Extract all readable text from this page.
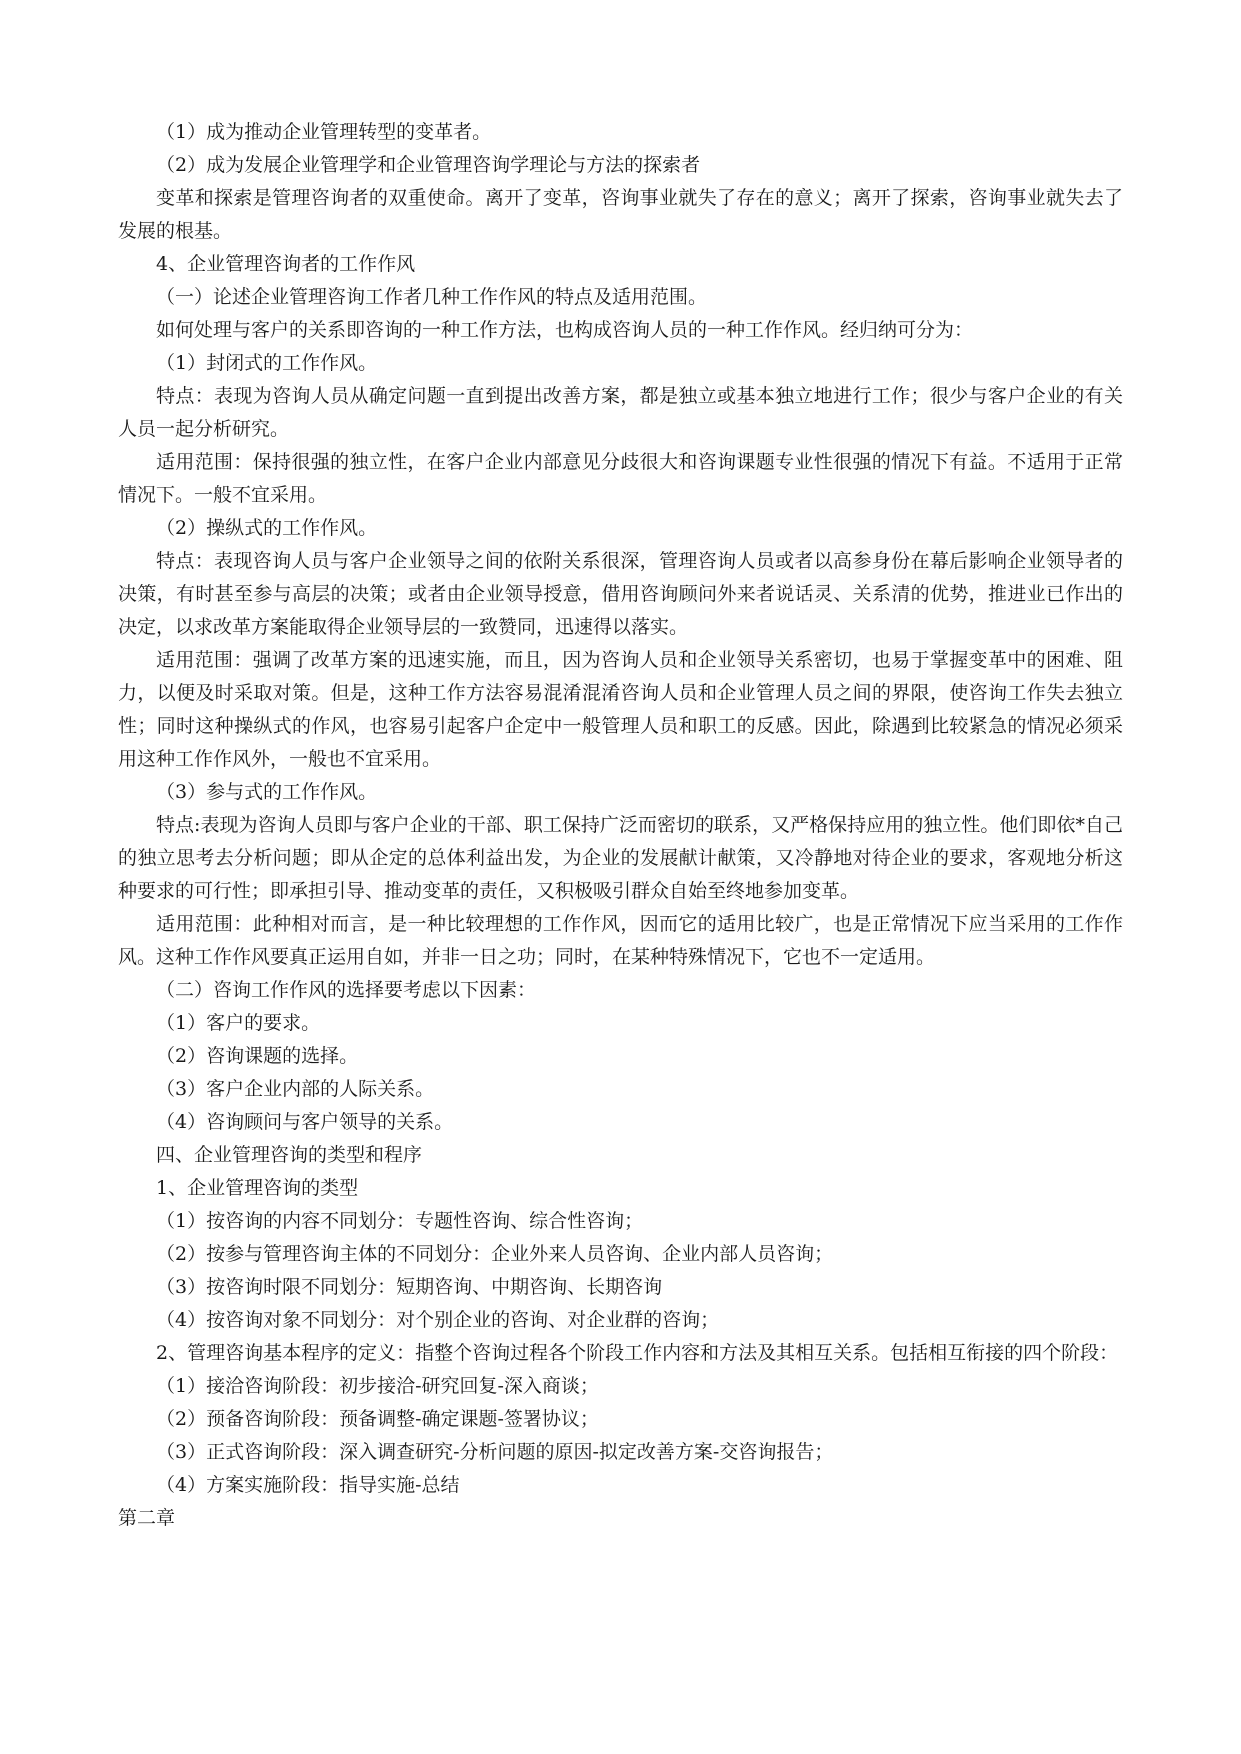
（1）成为推动企业管理转型的变革者。

（2）成为发展企业管理学和企业管理咨询学理论与方法的探索者

变革和探索是管理咨询者的双重使命。离开了变革，咨询事业就失了存在的意义；离开了探索，咨询事业就失去了发展的根基。

4、企业管理咨询者的工作作风

（一）论述企业管理咨询工作者几种工作作风的特点及适用范围。

如何处理与客户的关系即咨询的一种工作方法，也构成咨询人员的一种工作作风。经归纳可分为：

（1）封闭式的工作作风。

特点：表现为咨询人员从确定问题一直到提出改善方案，都是独立或基本独立地进行工作；很少与客户企业的有关人员一起分析研究。

适用范围：保持很强的独立性，在客户企业内部意见分歧很大和咨询课题专业性很强的情况下有益。不适用于正常情况下。一般不宜采用。

（2）操纵式的工作作风。

特点：表现咨询人员与客户企业领导之间的依附关系很深，管理咨询人员或者以高参身份在幕后影响企业领导者的决策，有时甚至参与高层的决策；或者由企业领导授意，借用咨询顾问外来者说话灵、关系清的优势，推进业已作出的决定，以求改革方案能取得企业领导层的一致赞同，迅速得以落实。

适用范围：强调了改革方案的迅速实施，而且，因为咨询人员和企业领导关系密切，也易于掌握变革中的困难、阻力，以便及时采取对策。但是，这种工作方法容易混淆混淆咨询人员和企业管理人员之间的界限，使咨询工作失去独立性；同时这种操纵式的作风，也容易引起客户企定中一般管理人员和职工的反感。因此，除遇到比较紧急的情况必须采用这种工作作风外，一般也不宜采用。

（3）参与式的工作作风。

特点:表现为咨询人员即与客户企业的干部、职工保持广泛而密切的联系，又严格保持应用的独立性。他们即依*自己的独立思考去分析问题；即从企定的总体利益出发，为企业的发展献计献策，又冷静地对待企业的要求，客观地分析这种要求的可行性；即承担引导、推动变革的责任，又积极吸引群众自始至终地参加变革。

适用范围：此种相对而言，是一种比较理想的工作作风，因而它的适用比较广，也是正常情况下应当采用的工作作风。这种工作作风要真正运用自如，并非一日之功；同时，在某种特殊情况下，它也不一定适用。

（二）咨询工作作风的选择要考虑以下因素：

（1）客户的要求。

（2）咨询课题的选择。

（3）客户企业内部的人际关系。

（4）咨询顾问与客户领导的关系。

四、企业管理咨询的类型和程序

1、企业管理咨询的类型

（1）按咨询的内容不同划分：专题性咨询、综合性咨询；

（2）按参与管理咨询主体的不同划分：企业外来人员咨询、企业内部人员咨询；

（3）按咨询时限不同划分：短期咨询、中期咨询、长期咨询

（4）按咨询对象不同划分：对个别企业的咨询、对企业群的咨询；

2、管理咨询基本程序的定义：指整个咨询过程各个阶段工作内容和方法及其相互关系。包括相互衔接的四个阶段：

（1）接洽咨询阶段：初步接洽-研究回复-深入商谈；

（2）预备咨询阶段：预备调整-确定课题-签署协议；

（3）正式咨询阶段：深入调查研究-分析问题的原因-拟定改善方案-交咨询报告；

（4）方案实施阶段：指导实施-总结

第二章
